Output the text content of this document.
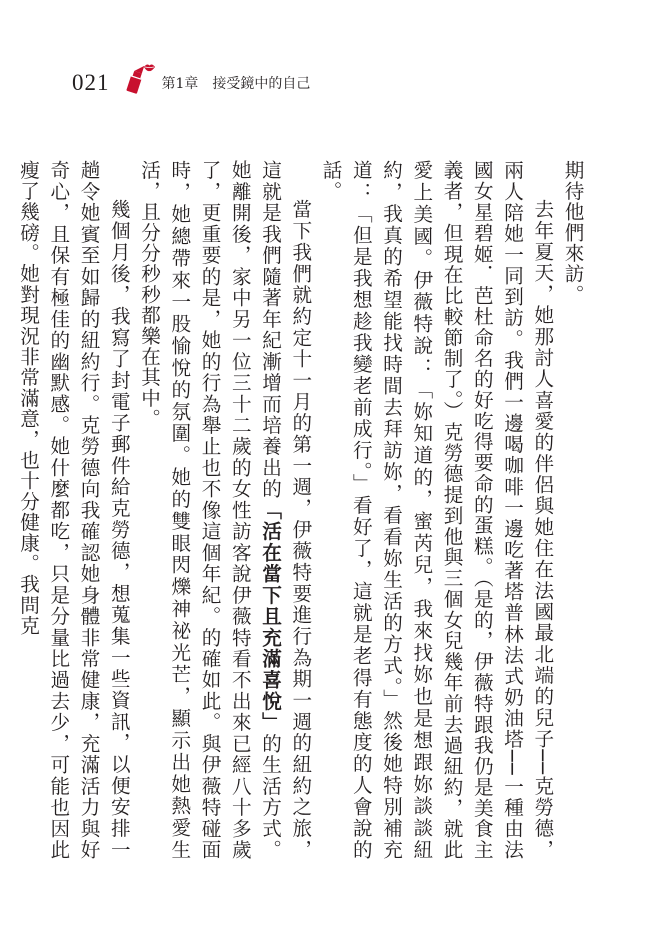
021	第1章　接受鏡中的自己

期待他們來訪。

去年夏天，她那討人喜愛的伴侶與她住在法國最北端的兒子──克勞德，兩人陪她一同到訪。我們一邊喝咖啡一邊吃著塔普林法式奶油塔──一種由法國女星碧姬．芭杜命名的好吃得要命的蛋糕。（是的，伊薇特跟我仍是美食主義者，但現在比較節制了。）克勞德提到他與三個女兒幾年前去過紐約，就此愛上美國。伊薇特說：「妳知道的，蜜芮兒，我來找妳也是想跟妳談談紐約，我真的希望能找時間去拜訪妳，看看妳生活的方式。」然後她特別補充道：「但是我想趁我變老前成行。」看好了，這就是老得有態度的人會說的話。

當下我們就約定十一月的第一週，伊薇特要進行為期一週的紐約之旅，這就是我們隨著年紀漸增而培養出的「活在當下且充滿喜悅」的生活方式。她離開後，家中另一位三十二歲的女性訪客說伊薇特看不出來已經八十多歲了，更重要的是，她的行為舉止也不像這個年紀。的確如此。與伊薇特碰面時，她總帶來一股愉悅的氛圍。她的雙眼閃爍神祕光芒，顯示出她熱愛生活，且分分秒秒都樂在其中。

幾個月後，我寫了封電子郵件給克勞德，想蒐集一些資訊，以便安排一趟令她賓至如歸的紐約行。克勞德向我確認她身體非常健康，充滿活力與好奇心，且保有極佳的幽默感。她什麼都吃，只是分量比過去少，可能也因此瘦了幾磅。她對現況非常滿意，也十分健康。我問克
